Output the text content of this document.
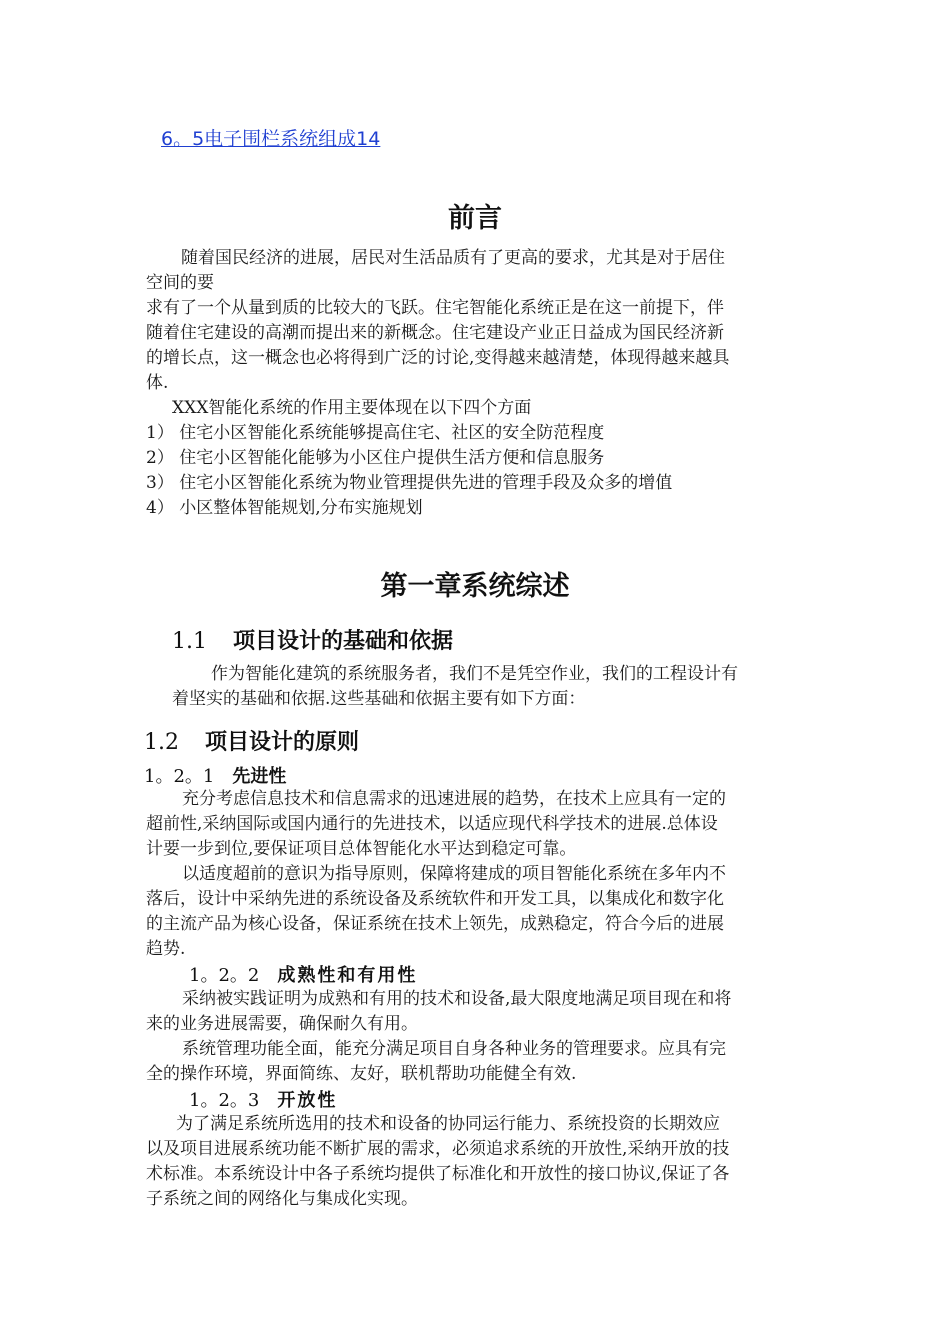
6。5电子围栏系统组成14
前言
随着国民经济的进展，居民对生活品质有了更高的要求，尤其是对于居住
空间的要
求有了一个从量到质的比较大的飞跃。住宅智能化系统正是在这一前提下，伴
随着住宅建设的高潮而提出来的新概念。住宅建设产业正日益成为国民经济新
的增长点，这一概念也必将得到广泛的讨论,变得越来越清楚，体现得越来越具
体.
XXX智能化系统的作用主要体现在以下四个方面
1） 住宅小区智能化系统能够提高住宅、社区的安全防范程度
2） 住宅小区智能化能够为小区住户提供生活方便和信息服务
3） 住宅小区智能化系统为物业管理提供先进的管理手段及众多的增值
4） 小区整体智能规划,分布实施规划
第一章系统综述
1.1 项目设计的基础和依据
作为智能化建筑的系统服务者，我们不是凭空作业，我们的工程设计有
着坚实的基础和依据.这些基础和依据主要有如下方面：
1.2 项目设计的原则
1。2。1 先进性
充分考虑信息技术和信息需求的迅速进展的趋势，在技术上应具有一定的
超前性,采纳国际或国内通行的先进技术，以适应现代科学技术的进展.总体设
计要一步到位,要保证项目总体智能化水平达到稳定可靠。
以适度超前的意识为指导原则，保障将建成的项目智能化系统在多年内不
落后，设计中采纳先进的系统设备及系统软件和开发工具，以集成化和数字化
的主流产品为核心设备，保证系统在技术上领先，成熟稳定，符合今后的进展
趋势.
1。2。2 成熟性和有用性
采纳被实践证明为成熟和有用的技术和设备,最大限度地满足项目现在和将
来的业务进展需要，确保耐久有用。
系统管理功能全面，能充分满足项目自身各种业务的管理要求。应具有完
全的操作环境，界面简练、友好，联机帮助功能健全有效.
1。2。3 开放性
为了满足系统所选用的技术和设备的协同运行能力、系统投资的长期效应
以及项目进展系统功能不断扩展的需求，必须追求系统的开放性,采纳开放的技
术标准。本系统设计中各子系统均提供了标准化和开放性的接口协议,保证了各
子系统之间的网络化与集成化实现。
